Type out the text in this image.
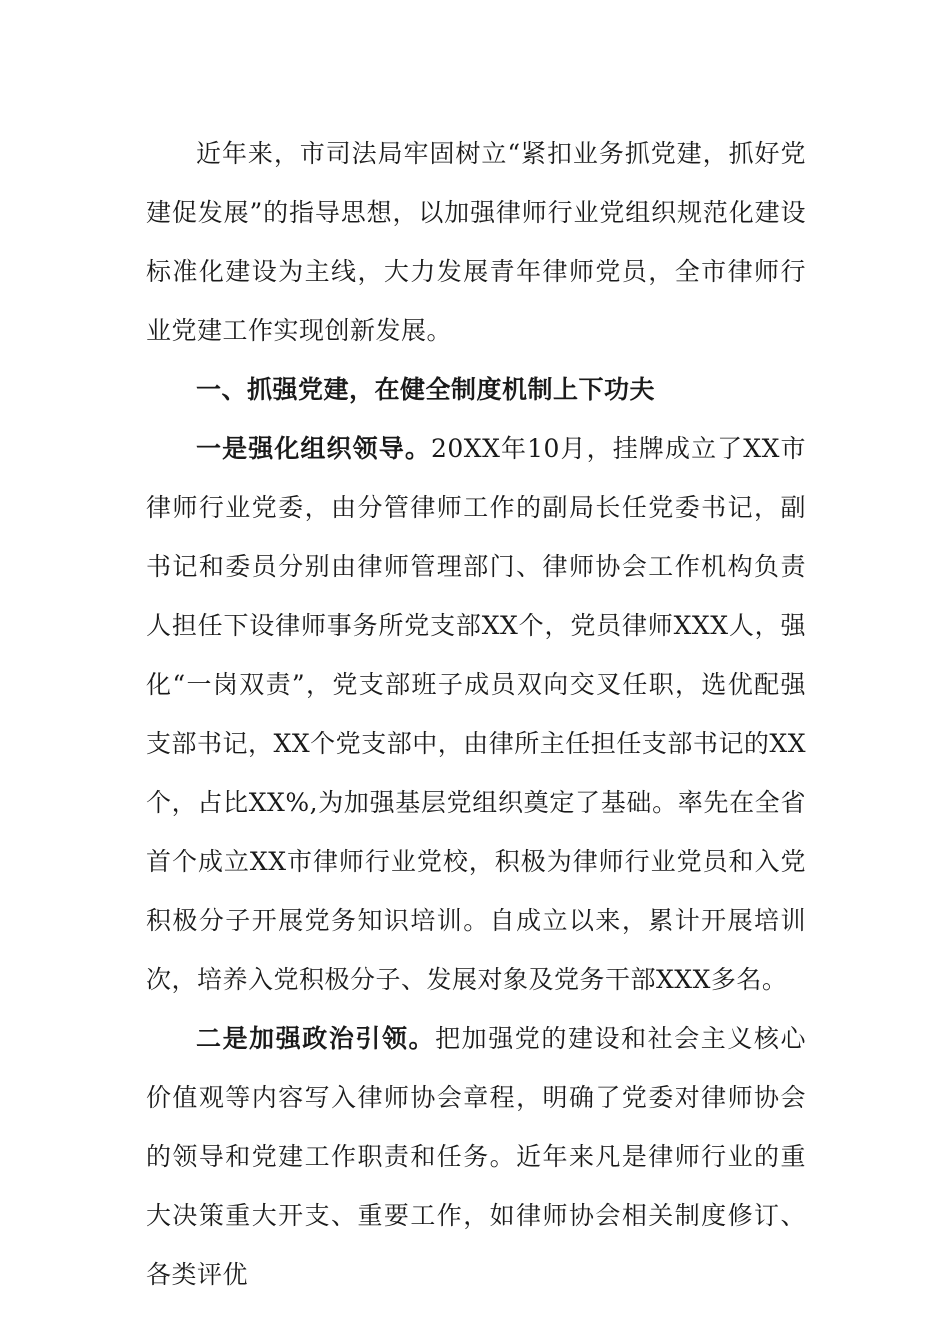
近年来，市司法局牢固树立“紧扣业务抓党建，抓好党建促发展”的指导思想，以加强律师行业党组织规范化建设标准化建设为主线，大力发展青年律师党员，全市律师行业党建工作实现创新发展。

一、抓强党建，在健全制度机制上下功夫

一是强化组织领导。20XX年10月，挂牌成立了XX市律师行业党委，由分管律师工作的副局长任党委书记，副书记和委员分别由律师管理部门、律师协会工作机构负责人担任下设律师事务所党支部XX个，党员律师XXX人，强化“一岗双责”，党支部班子成员双向交叉任职，选优配强支部书记，XX个党支部中，由律所主任担任支部书记的XX个，占比XX%,为加强基层党组织奠定了基础。率先在全省首个成立XX市律师行业党校，积极为律师行业党员和入党积极分子开展党务知识培训。自成立以来，累计开展培训次，培养入党积极分子、发展对象及党务干部XXX多名。

二是加强政治引领。把加强党的建设和社会主义核心价值观等内容写入律师协会章程，明确了党委对律师协会的领导和党建工作职责和任务。近年来凡是律师行业的重大决策重大开支、重要工作，如律师协会相关制度修订、各类评优
